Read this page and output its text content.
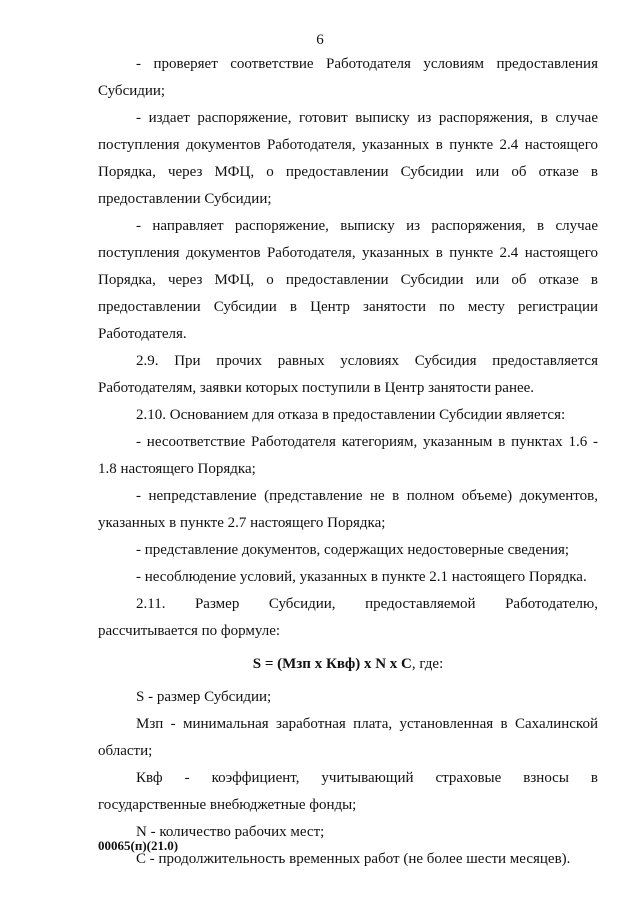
6

- проверяет соответствие Работодателя условиям предоставления Субсидии;

- издает распоряжение, готовит выписку из распоряжения, в случае поступления документов Работодателя, указанных в пункте 2.4 настоящего Порядка, через МФЦ, о предоставлении Субсидии или об отказе в предоставлении Субсидии;

- направляет распоряжение, выписку из распоряжения, в случае поступления документов Работодателя, указанных в пункте 2.4 настоящего Порядка, через МФЦ, о предоставлении Субсидии или об отказе в предоставлении Субсидии в Центр занятости по месту регистрации Работодателя.

2.9. При прочих равных условиях Субсидия предоставляется Работодателям, заявки которых поступили в Центр занятости ранее.

2.10. Основанием для отказа в предоставлении Субсидии является:

- несоответствие Работодателя категориям, указанным в пунктах 1.6 - 1.8 настоящего Порядка;

- непредставление (представление не в полном объеме) документов, указанных в пункте 2.7 настоящего Порядка;

- представление документов, содержащих недостоверные сведения;

- несоблюдение условий, указанных в пункте 2.1 настоящего Порядка.

2.11. Размер Субсидии, предоставляемой Работодателю, рассчитывается по формуле:

S = (Мзп х Квф) х N х С, где:

S - размер Субсидии;

Мзп - минимальная заработная плата, установленная в Сахалинской области;

Квф - коэффициент, учитывающий страховые взносы в государственные внебюджетные фонды;

N - количество рабочих мест;

С - продолжительность временных работ (не более шести месяцев).

00065(п)(21.0)
